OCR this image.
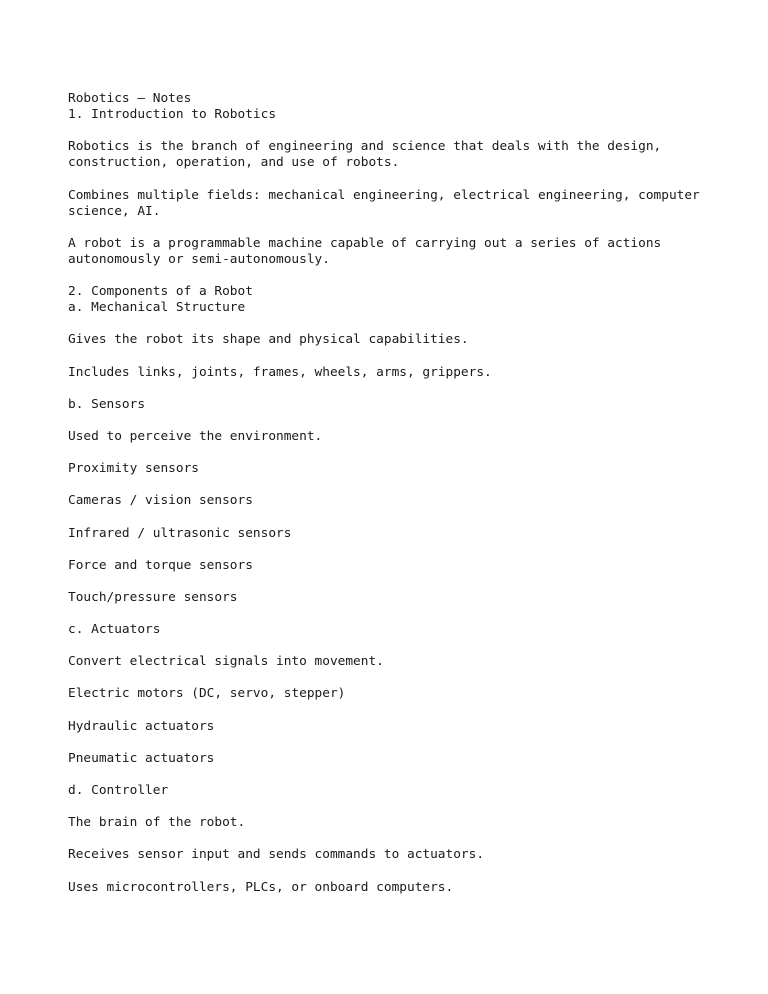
Robotics – Notes
1. Introduction to Robotics
Robotics is the branch of engineering and science that deals with the design,
construction, operation, and use of robots.
Combines multiple fields: mechanical engineering, electrical engineering, computer
science, AI.
A robot is a programmable machine capable of carrying out a series of actions
autonomously or semi-autonomously.
2. Components of a Robot
a. Mechanical Structure
Gives the robot its shape and physical capabilities.
Includes links, joints, frames, wheels, arms, grippers.
b. Sensors
Used to perceive the environment.
Proximity sensors
Cameras / vision sensors
Infrared / ultrasonic sensors
Force and torque sensors
Touch/pressure sensors
c. Actuators
Convert electrical signals into movement.
Electric motors (DC, servo, stepper)
Hydraulic actuators
Pneumatic actuators
d. Controller
The brain of the robot.
Receives sensor input and sends commands to actuators.
Uses microcontrollers, PLCs, or onboard computers.
